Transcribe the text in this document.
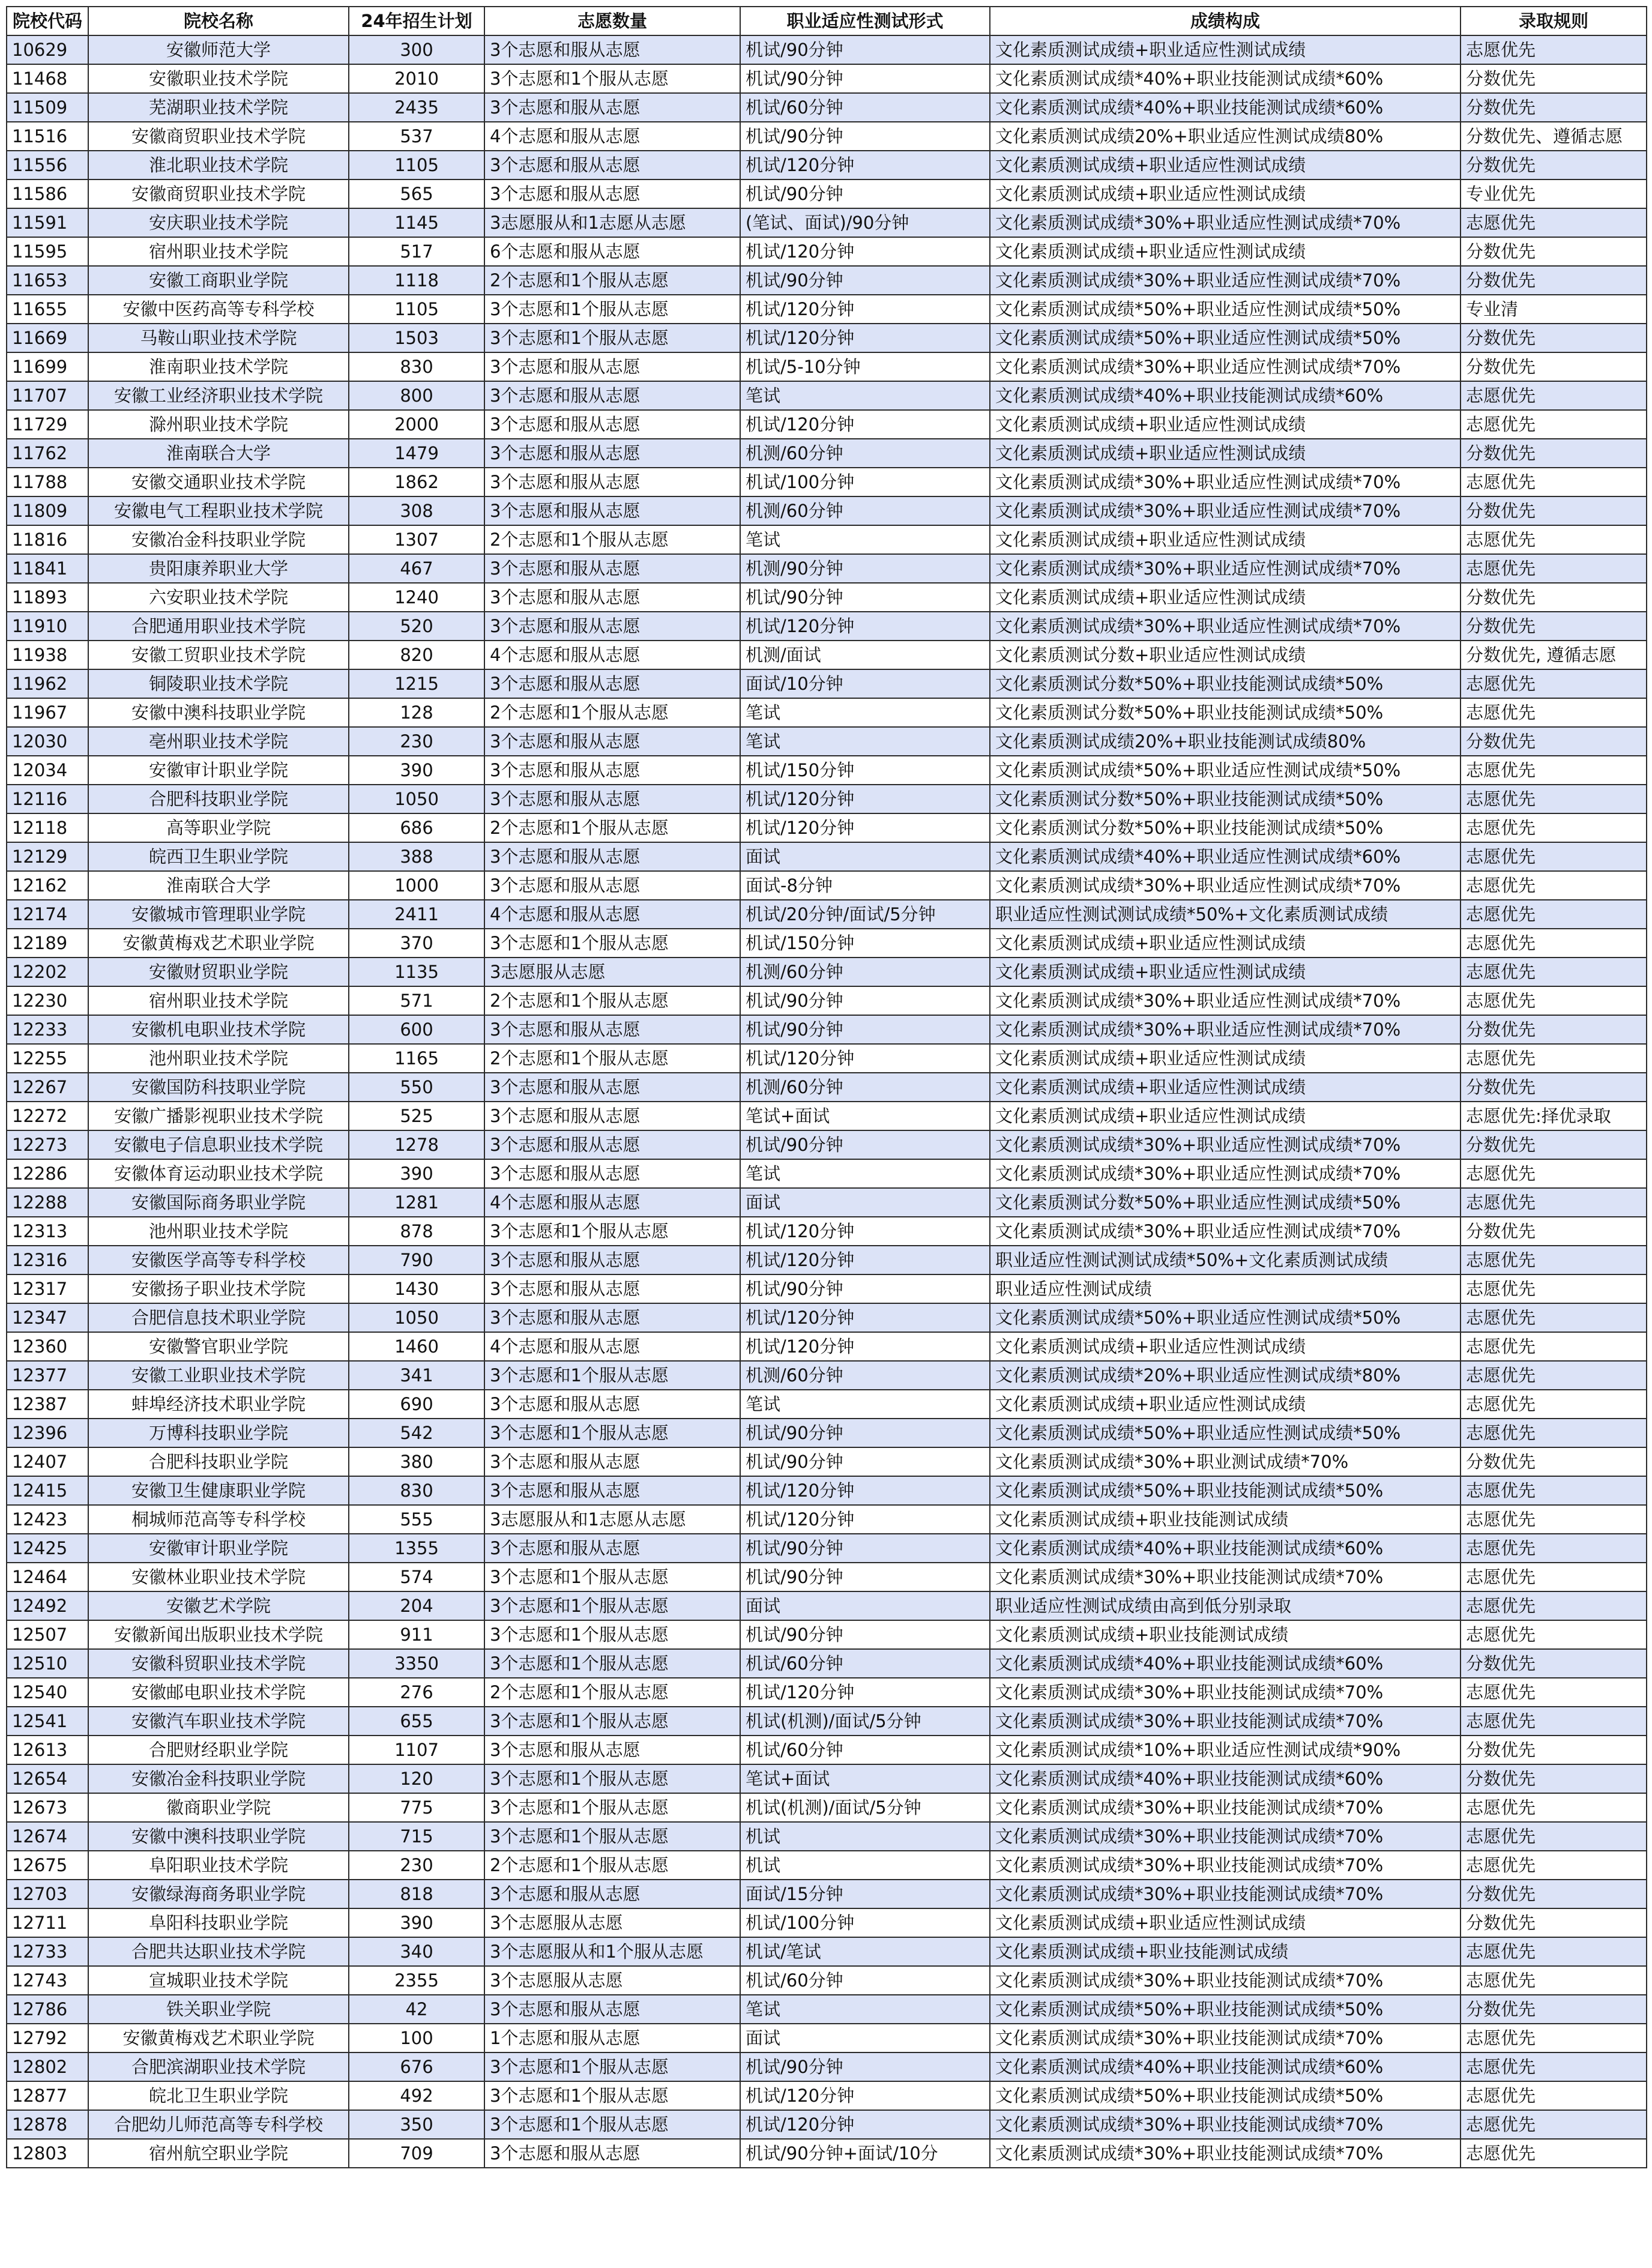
院校代码	院校名称	24年招生计划	志愿数量	职业适应性测试形式	成绩构成	录取规则
10629	安徽师范大学	300	3个志愿和服从志愿	机试/90分钟	文化素质测试成绩+职业适应性测试成绩	志愿优先
11468	安徽职业技术学院	2010	3个志愿和1个服从志愿	机试/90分钟	文化素质测试成绩*40%+职业技能测试成绩*60%	分数优先
11509	芜湖职业技术学院	2435	3个志愿和服从志愿	机试/60分钟	文化素质测试成绩*40%+职业技能测试成绩*60%	分数优先
11516	安徽商贸职业技术学院	537	4个志愿和服从志愿	机试/90分钟	文化素质测试成绩20%+职业适应性测试成绩80%	分数优先、遵循志愿
11556	淮北职业技术学院	1105	3个志愿和服从志愿	机试/120分钟	文化素质测试成绩+职业适应性测试成绩	分数优先
11586	安徽商贸职业技术学院	565	3个志愿和服从志愿	机试/90分钟	文化素质测试成绩+职业适应性测试成绩	专业优先
11591	安庆职业技术学院	1145	3志愿服从和1志愿从志愿	(笔试、面试)/90分钟	文化素质测试成绩*30%+职业适应性测试成绩*70%	志愿优先
11595	宿州职业技术学院	517	6个志愿和服从志愿	机试/120分钟	文化素质测试成绩+职业适应性测试成绩	分数优先
11653	安徽工商职业学院	1118	2个志愿和1个服从志愿	机试/90分钟	文化素质测试成绩*30%+职业适应性测试成绩*70%	分数优先
11655	安徽中医药高等专科学校	1105	3个志愿和1个服从志愿	机试/120分钟	文化素质测试成绩*50%+职业适应性测试成绩*50%	专业清
11669	马鞍山职业技术学院	1503	3个志愿和1个服从志愿	机试/120分钟	文化素质测试成绩*50%+职业适应性测试成绩*50%	分数优先
11699	淮南职业技术学院	830	3个志愿和服从志愿	机试/5-10分钟	文化素质测试成绩*30%+职业适应性测试成绩*70%	分数优先
11707	安徽工业经济职业技术学院	800	3个志愿和服从志愿	笔试	文化素质测试成绩*40%+职业技能测试成绩*60%	志愿优先
11729	滁州职业技术学院	2000	3个志愿和服从志愿	机试/120分钟	文化素质测试成绩+职业适应性测试成绩	志愿优先
11762	淮南联合大学	1479	3个志愿和服从志愿	机测/60分钟	文化素质测试成绩+职业适应性测试成绩	分数优先
11788	安徽交通职业技术学院	1862	3个志愿和服从志愿	机试/100分钟	文化素质测试成绩*30%+职业适应性测试成绩*70%	志愿优先
11809	安徽电气工程职业技术学院	308	3个志愿和服从志愿	机测/60分钟	文化素质测试成绩*30%+职业适应性测试成绩*70%	分数优先
11816	安徽冶金科技职业学院	1307	2个志愿和1个服从志愿	笔试	文化素质测试成绩+职业适应性测试成绩	志愿优先
11841	贵阳康养职业大学	467	3个志愿和服从志愿	机测/90分钟	文化素质测试成绩*30%+职业适应性测试成绩*70%	志愿优先
11893	六安职业技术学院	1240	3个志愿和服从志愿	机试/90分钟	文化素质测试成绩+职业适应性测试成绩	分数优先
11910	合肥通用职业技术学院	520	3个志愿和服从志愿	机试/120分钟	文化素质测试成绩*30%+职业适应性测试成绩*70%	分数优先
11938	安徽工贸职业技术学院	820	4个志愿和服从志愿	机测/面试	文化素质测试分数+职业适应性测试成绩	分数优先, 遵循志愿
11962	铜陵职业技术学院	1215	3个志愿和服从志愿	面试/10分钟	文化素质测试分数*50%+职业技能测试成绩*50%	志愿优先
11967	安徽中澳科技职业学院	128	2个志愿和1个服从志愿	笔试	文化素质测试分数*50%+职业技能测试成绩*50%	志愿优先
12030	亳州职业技术学院	230	3个志愿和服从志愿	笔试	文化素质测试成绩20%+职业技能测试成绩80%	分数优先
12034	安徽审计职业学院	390	3个志愿和服从志愿	机试/150分钟	文化素质测试成绩*50%+职业适应性测试成绩*50%	志愿优先
12116	合肥科技职业学院	1050	3个志愿和服从志愿	机试/120分钟	文化素质测试分数*50%+职业技能测试成绩*50%	志愿优先
12118	高等职业学院	686	2个志愿和1个服从志愿	机试/120分钟	文化素质测试分数*50%+职业技能测试成绩*50%	志愿优先
12129	皖西卫生职业学院	388	3个志愿和服从志愿	面试	文化素质测试成绩*40%+职业适应性测试成绩*60%	志愿优先
12162	淮南联合大学	1000	3个志愿和服从志愿	面试-8分钟	文化素质测试成绩*30%+职业适应性测试成绩*70%	志愿优先
12174	安徽城市管理职业学院	2411	4个志愿和服从志愿	机试/20分钟/面试/5分钟	职业适应性测试测试成绩*50%+文化素质测试成绩	志愿优先
12189	安徽黄梅戏艺术职业学院	370	3个志愿和1个服从志愿	机试/150分钟	文化素质测试成绩+职业适应性测试成绩	志愿优先
12202	安徽财贸职业学院	1135	3志愿服从志愿	机测/60分钟	文化素质测试成绩+职业适应性测试成绩	志愿优先
12230	宿州职业技术学院	571	2个志愿和1个服从志愿	机试/90分钟	文化素质测试成绩*30%+职业适应性测试成绩*70%	志愿优先
12233	安徽机电职业技术学院	600	3个志愿和服从志愿	机试/90分钟	文化素质测试成绩*30%+职业适应性测试成绩*70%	分数优先
12255	池州职业技术学院	1165	2个志愿和1个服从志愿	机试/120分钟	文化素质测试成绩+职业适应性测试成绩	志愿优先
12267	安徽国防科技职业学院	550	3个志愿和服从志愿	机测/60分钟	文化素质测试成绩+职业适应性测试成绩	分数优先
12272	安徽广播影视职业技术学院	525	3个志愿和服从志愿	笔试+面试	文化素质测试成绩+职业适应性测试成绩	志愿优先:择优录取
12273	安徽电子信息职业技术学院	1278	3个志愿和服从志愿	机试/90分钟	文化素质测试成绩*30%+职业适应性测试成绩*70%	分数优先
12286	安徽体育运动职业技术学院	390	3个志愿和服从志愿	笔试	文化素质测试成绩*30%+职业适应性测试成绩*70%	志愿优先
12288	安徽国际商务职业学院	1281	4个志愿和服从志愿	面试	文化素质测试分数*50%+职业适应性测试成绩*50%	志愿优先
12313	池州职业技术学院	878	3个志愿和1个服从志愿	机试/120分钟	文化素质测试成绩*30%+职业适应性测试成绩*70%	分数优先
12316	安徽医学高等专科学校	790	3个志愿和服从志愿	机试/120分钟	职业适应性测试测试成绩*50%+文化素质测试成绩	志愿优先
12317	安徽扬子职业技术学院	1430	3个志愿和服从志愿	机试/90分钟	职业适应性测试成绩	志愿优先
12347	合肥信息技术职业学院	1050	3个志愿和服从志愿	机试/120分钟	文化素质测试成绩*50%+职业适应性测试成绩*50%	志愿优先
12360	安徽警官职业学院	1460	4个志愿和服从志愿	机试/120分钟	文化素质测试成绩+职业适应性测试成绩	志愿优先
12377	安徽工业职业技术学院	341	3个志愿和1个服从志愿	机测/60分钟	文化素质测试成绩*20%+职业适应性测试成绩*80%	志愿优先
12387	蚌埠经济技术职业学院	690	3个志愿和服从志愿	笔试	文化素质测试成绩+职业适应性测试成绩	志愿优先
12396	万博科技职业学院	542	3个志愿和1个服从志愿	机试/90分钟	文化素质测试成绩*50%+职业适应性测试成绩*50%	志愿优先
12407	合肥科技职业学院	380	3个志愿和服从志愿	机试/90分钟	文化素质测试成绩*30%+职业测试成绩*70%	分数优先
12415	安徽卫生健康职业学院	830	3个志愿和服从志愿	机试/120分钟	文化素质测试成绩*50%+职业技能测试成绩*50%	志愿优先
12423	桐城师范高等专科学校	555	3志愿服从和1志愿从志愿	机试/120分钟	文化素质测试成绩+职业技能测试成绩	志愿优先
12425	安徽审计职业学院	1355	3个志愿和服从志愿	机试/90分钟	文化素质测试成绩*40%+职业技能测试成绩*60%	志愿优先
12464	安徽林业职业技术学院	574	3个志愿和1个服从志愿	机试/90分钟	文化素质测试成绩*30%+职业技能测试成绩*70%	志愿优先
12492	安徽艺术学院	204	3个志愿和1个服从志愿	面试	职业适应性测试成绩由高到低分别录取	志愿优先
12507	安徽新闻出版职业技术学院	911	3个志愿和1个服从志愿	机试/90分钟	文化素质测试成绩+职业技能测试成绩	志愿优先
12510	安徽科贸职业技术学院	3350	3个志愿和1个服从志愿	机试/60分钟	文化素质测试成绩*40%+职业技能测试成绩*60%	分数优先
12540	安徽邮电职业技术学院	276	2个志愿和1个服从志愿	机试/120分钟	文化素质测试成绩*30%+职业技能测试成绩*70%	志愿优先
12541	安徽汽车职业技术学院	655	3个志愿和1个服从志愿	机试(机测)/面试/5分钟	文化素质测试成绩*30%+职业技能测试成绩*70%	志愿优先
12613	合肥财经职业学院	1107	3个志愿和服从志愿	机试/60分钟	文化素质测试成绩*10%+职业适应性测试成绩*90%	分数优先
12654	安徽冶金科技职业学院	120	3个志愿和1个服从志愿	笔试+面试	文化素质测试成绩*40%+职业技能测试成绩*60%	分数优先
12673	徽商职业学院	775	3个志愿和1个服从志愿	机试(机测)/面试/5分钟	文化素质测试成绩*30%+职业技能测试成绩*70%	志愿优先
12674	安徽中澳科技职业学院	715	3个志愿和1个服从志愿	机试	文化素质测试成绩*30%+职业技能测试成绩*70%	志愿优先
12675	阜阳职业技术学院	230	2个志愿和1个服从志愿	机试	文化素质测试成绩*30%+职业技能测试成绩*70%	志愿优先
12703	安徽绿海商务职业学院	818	3个志愿和服从志愿	面试/15分钟	文化素质测试成绩*30%+职业技能测试成绩*70%	分数优先
12711	阜阳科技职业学院	390	3个志愿服从志愿	机试/100分钟	文化素质测试成绩+职业适应性测试成绩	分数优先
12733	合肥共达职业技术学院	340	3个志愿服从和1个服从志愿	机试/笔试	文化素质测试成绩+职业技能测试成绩	志愿优先
12743	宣城职业技术学院	2355	3个志愿服从志愿	机试/60分钟	文化素质测试成绩*30%+职业技能测试成绩*70%	志愿优先
12786	铁关职业学院	42	3个志愿和服从志愿	笔试	文化素质测试成绩*50%+职业技能测试成绩*50%	分数优先
12792	安徽黄梅戏艺术职业学院	100	1个志愿和服从志愿	面试	文化素质测试成绩*30%+职业技能测试成绩*70%	志愿优先
12802	合肥滨湖职业技术学院	676	3个志愿和1个服从志愿	机试/90分钟	文化素质测试成绩*40%+职业技能测试成绩*60%	志愿优先
12877	皖北卫生职业学院	492	3个志愿和1个服从志愿	机试/120分钟	文化素质测试成绩*50%+职业技能测试成绩*50%	志愿优先
12878	合肥幼儿师范高等专科学校	350	3个志愿和1个服从志愿	机试/120分钟	文化素质测试成绩*30%+职业技能测试成绩*70%	志愿优先
12803	宿州航空职业学院	709	3个志愿和服从志愿	机试/90分钟+面试/10分	文化素质测试成绩*30%+职业技能测试成绩*70%	志愿优先
